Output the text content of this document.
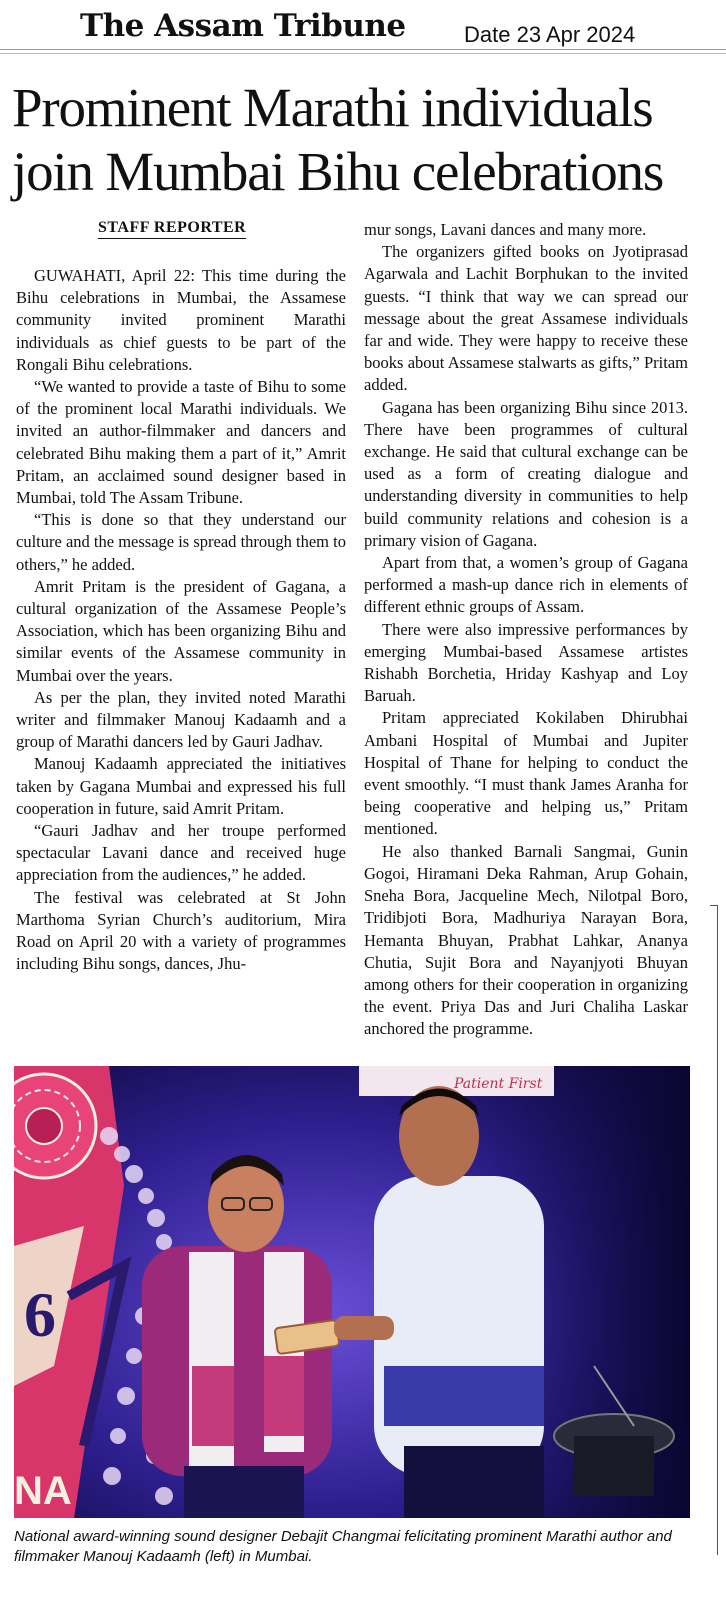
The Assam Tribune	Date 23 Apr 2024
Prominent Marathi individuals
join Mumbai Bihu celebrations
STAFF REPORTER

GUWAHATI, April 22: This time during the Bihu celebrations in Mumbai, the Assamese community invited prominent Marathi individuals as chief guests to be part of the Rongali Bihu celebrations.

“We wanted to provide a taste of Bihu to some of the prominent local Marathi individuals. We invited an author-filmmaker and dancers and celebrated Bihu making them a part of it,” Amrit Pritam, an acclaimed sound designer based in Mumbai, told The Assam Tribune.

“This is done so that they understand our culture and the message is spread through them to others,” he added.

Amrit Pritam is the president of Gagana, a cultural organization of the Assamese People’s Association, which has been organizing Bihu and similar events of the Assamese community in Mumbai over the years.

As per the plan, they invited noted Marathi writer and filmmaker Manouj Kadaamh and a group of Marathi dancers led by Gauri Jadhav.

Manouj Kadaamh appreciated the initiatives taken by Gagana Mumbai and expressed his full cooperation in future, said Amrit Pritam.

“Gauri Jadhav and her troupe performed spectacular Lavani dance and received huge appreciation from the audiences,” he added.

The festival was celebrated at St John Marthoma Syrian Church’s auditorium, Mira Road on April 20 with a variety of programmes including Bihu songs, dances, Jhu-

mur songs, Lavani dances and many more.

The organizers gifted books on Jyotiprasad Agarwala and Lachit Borphukan to the invited guests. “I think that way we can spread our message about the great Assamese individuals far and wide. They were happy to receive these books about Assamese stalwarts as gifts,” Pritam added.

Gagana has been organizing Bihu since 2013. There have been programmes of cultural exchange. He said that cultural exchange can be used as a form of creating dialogue and understanding diversity in communities to help build community relations and cohesion is a primary vision of Gagana.

Apart from that, a women’s group of Gagana performed a mash-up dance rich in elements of different ethnic groups of Assam.

There were also impressive performances by emerging Mumbai-based Assamese artistes Rishabh Borchetia, Hriday Kashyap and Loy Baruah.

Pritam appreciated Kokilaben Dhirubhai Ambani Hospital of Mumbai and Jupiter Hospital of Thane for helping to conduct the event smoothly. “I must thank James Aranha for being cooperative and helping us,” Pritam mentioned.

He also thanked Barnali Sangmai, Gunin Gogoi, Hiramani Deka Rahman, Arup Gohain, Sneha Bora, Jacqueline Mech, Nilotpal Boro, Tridibjoti Bora, Madhuriya Narayan Bora, Hemanta Bhuyan, Prabhat Lahkar, Ananya Chutia, Sujit Bora and Nayanjyoti Bhuyan among others for their cooperation in organizing the event. Priya Das and Juri Chaliha Laskar anchored the programme.

6
NA
Patient First
National award-winning sound designer Debajit Changmai felicitating prominent Marathi author and filmmaker Manouj Kadaamh (left) in Mumbai.
